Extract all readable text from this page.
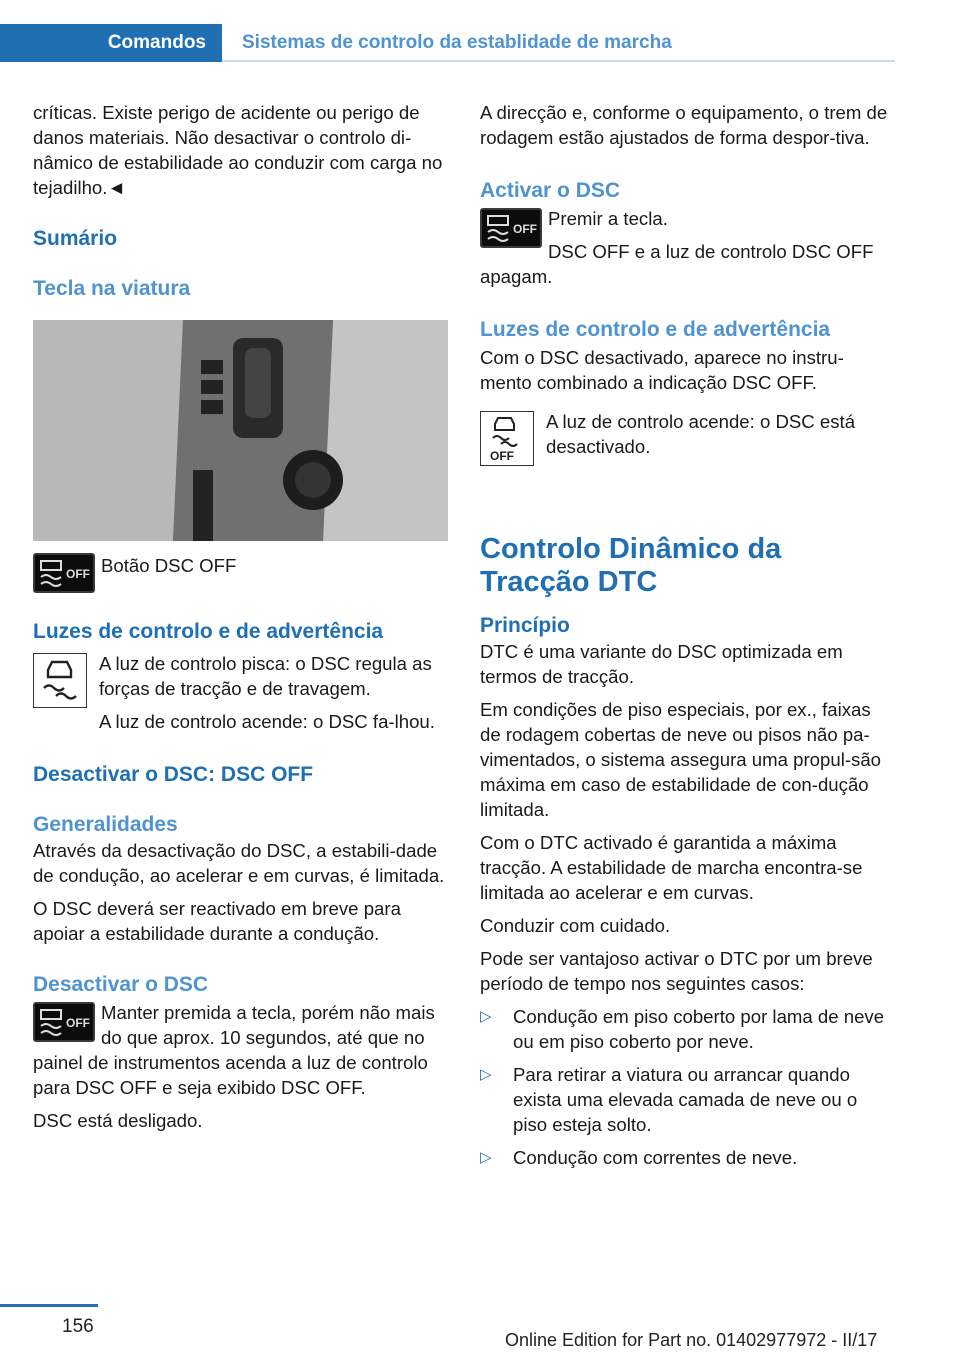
Comandos	Sistemas de controlo da establidade de marcha

críticas. Existe perigo de acidente ou perigo de danos materiais. Não desactivar o controlo di-nâmico de estabilidade ao conduzir com carga no tejadilho.◄

Sumário
Tecla na viatura
OFF Botão DSC OFF

Luzes de controlo e de advertência

A luz de controlo pisca: o DSC regula as forças de tracção e de travagem.

A luz de controlo acende: o DSC fa-lhou.

Desactivar o DSC: DSC OFF
Generalidades

Através da desactivação do DSC, a estabili-dade de condução, ao acelerar e em curvas, é limitada.

O DSC deverá ser reactivado em breve para apoiar a estabilidade durante a condução.

Desactivar o DSC
OFF Manter premida a tecla, porém não mais do que aprox. 10 segundos, até que no painel de instrumentos acenda a luz de controlo para DSC OFF e seja exibido DSC OFF.

DSC está desligado.

A direcção e, conforme o equipamento, o trem de rodagem estão ajustados de forma despor-tiva.

Activar o DSC
OFF Premir a tecla.

DSC OFF e a luz de controlo DSC OFF apagam.

Luzes de controlo e de advertência

Com o DSC desactivado, aparece no instru-mento combinado a indicação DSC OFF.

OFF

A luz de controlo acende: o DSC está desactivado.

Controlo Dinâmico da Tracção DTC
Princípio

DTC é uma variante do DSC optimizada em termos de tracção.

Em condições de piso especiais, por ex., faixas de rodagem cobertas de neve ou pisos não pa-vimentados, o sistema assegura uma propul-são máxima em caso de estabilidade de con-dução limitada.

Com o DTC activado é garantida a máxima tracção. A estabilidade de marcha encontra-se limitada ao acelerar e em curvas.

Conduzir com cuidado.

Pode ser vantajoso activar o DTC por um breve período de tempo nos seguintes casos:

▷	Condução em piso coberto por lama de neve ou em piso coberto por neve.

▷	Para retirar a viatura ou arrancar quando exista uma elevada camada de neve ou o piso esteja solto.

▷	Condução com correntes de neve.

156
Online Edition for Part no. 01402977972 - II/17
